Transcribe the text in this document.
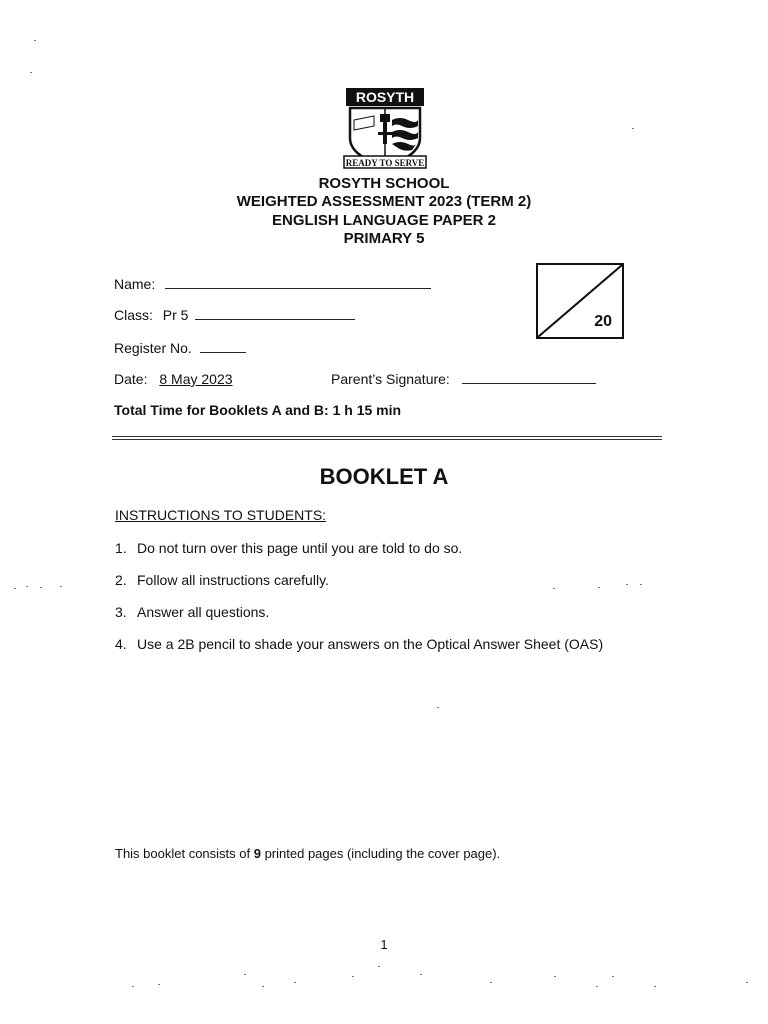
ROSYTH
READY TO SERVE
ROSYTH SCHOOL
WEIGHTED ASSESSMENT 2023 (TERM 2)
ENGLISH LANGUAGE PAPER 2
PRIMARY 5
Name:
Class: Pr 5
Register No.
Date: 8 May 2023	Parent’s Signature:
Total Time for Booklets A and B: 1 h 15 min
20
BOOKLET A
INSTRUCTIONS TO STUDENTS:
1. Do not turn over this page until you are told to do so.
2. Follow all instructions carefully.
3. Answer all questions.
4. Use a 2B pencil to shade your answers on the Optical Answer Sheet (OAS)
This booklet consists of 9 printed pages (including the cover page).
1
